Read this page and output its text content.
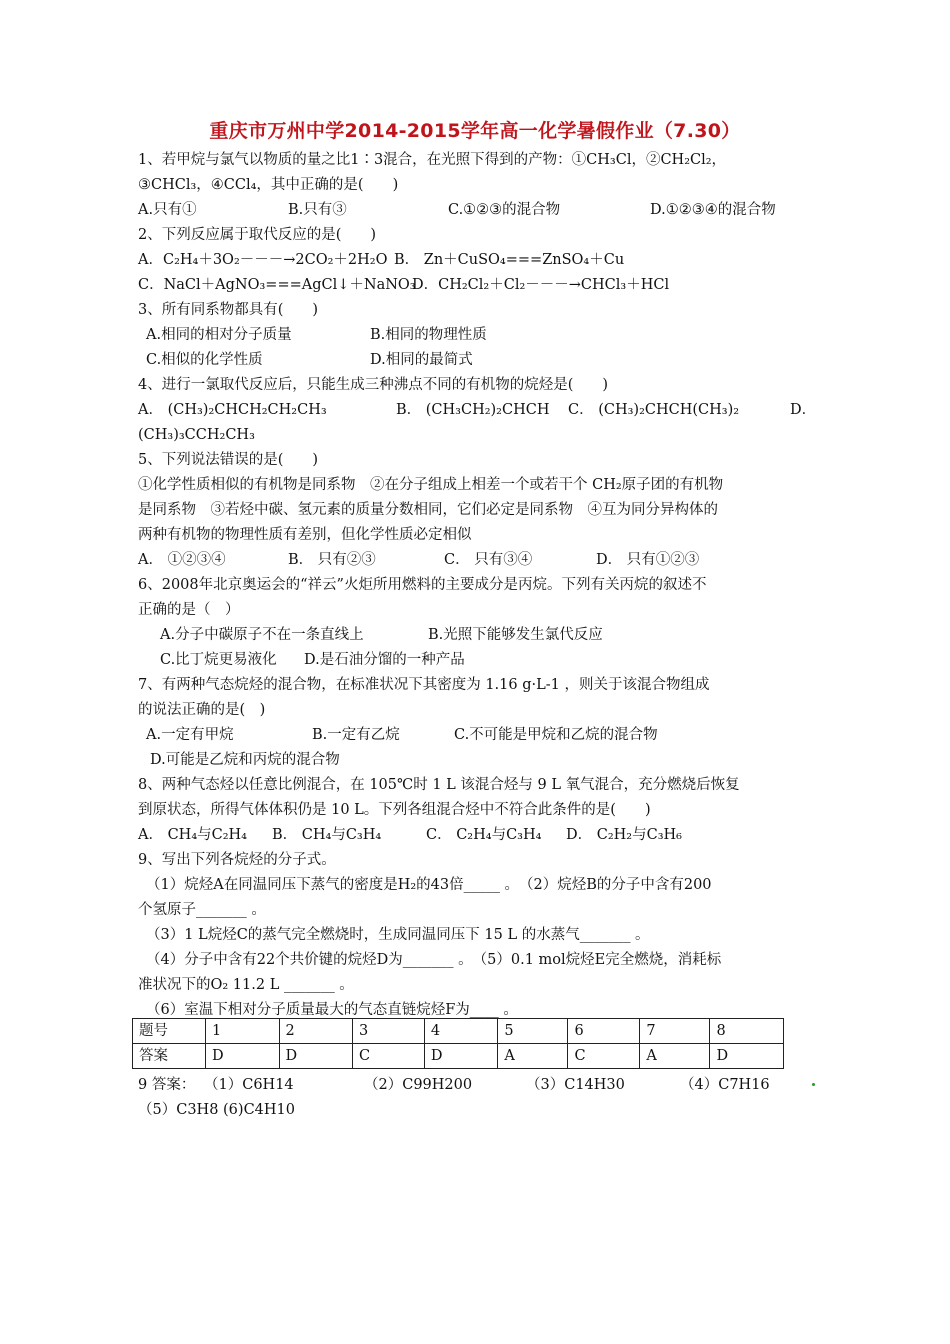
重庆市万州中学2014-2015学年高一化学暑假作业（7.30）
1、若甲烷与氯气以物质的量之比1∶3混合，在光照下得到的产物：①CH₃Cl，②CH₂Cl₂，
③CHCl₃，④CCl₄，其中正确的是(　　)
A.只有①	B.只有③	C.①②③的混合物	D.①②③④的混合物
2、下列反应属于取代反应的是(　　)
A．C₂H₄＋3O₂－－－→2CO₂＋2H₂O B． Zn＋CuSO₄===ZnSO₄＋Cu
C．NaCl＋AgNO₃===AgCl↓＋NaNO₃
D．CH₂Cl₂＋Cl₂－－－→CHCl₃＋HCl
3、所有同系物都具有(　　)
A.相同的相对分子质量	B.相同的物理性质
C.相似的化学性质	D.相同的最简式
4、进行一氯取代反应后，只能生成三种沸点不同的有机物的烷烃是(　　)
A． (CH₃)₂CHCH₂CH₂CH₃	B． (CH₃CH₂)₂CHCH C． (CH₃)₂CHCH(CH₃)₂	D．
(CH₃)₃CCH₂CH₃
5、下列说法错误的是(　　)
①化学性质相似的有机物是同系物　②在分子组成上相差一个或若干个 CH₂原子团的有机物
是同系物　③若烃中碳、氢元素的质量分数相同，它们必定是同系物　④互为同分异构体的
两种有机物的物理性质有差别，但化学性质必定相似
A． ①②③④	B． 只有②③	C． 只有③④	D． 只有①②③
6、2008年北京奥运会的“祥云”火炬所用燃料的主要成分是丙烷。下列有关丙烷的叙述不
正确的是（　）
A.分子中碳原子不在一条直线上	B.光照下能够发生氯代反应
C.比丁烷更易液化 D.是石油分馏的一种产品
7、有两种气态烷烃的混合物，在标准状况下其密度为 1.16 g·L-1 ，则关于该混合物组成
的说法正确的是(　)
A.一定有甲烷	B.一定有乙烷	C.不可能是甲烷和乙烷的混合物
D.可能是乙烷和丙烷的混合物
8、两种气态烃以任意比例混合，在 105℃时 1 L 该混合烃与 9 L 氧气混合，充分燃烧后恢复
到原状态，所得气体体积仍是 10 L。下列各组混合烃中不符合此条件的是(　　)
A． CH₄与C₂H₄ B． CH₄与C₃H₄	C． C₂H₄与C₃H₄ D． C₂H₂与C₃H₆
9、写出下列各烷烃的分子式。
（1）烷烃A在同温同压下蒸气的密度是H₂的43倍_____ 。　（2）烷烃B的分子中含有200
个氢原子_______ 。
（3）1 L烷烃C的蒸气完全燃烧时，生成同温同压下 15 L 的水蒸气_______ 。
（4）分子中含有22个共价键的烷烃D为_______ 。　（5）0.1 mol烷烃E完全燃烧，消耗标
准状况下的O₂ 11.2 L _______ 。
（6）室温下相对分子质量最大的气态直链烷烃F为____ 。
题号	1	2	3	4	5	6	7	8
答案	D	D	C	D	A	C	A	D
9 答案： （1）C6H14	（2）C99H200	（3）C14H30	（4）C7H16
（5）C3H8 (6)C4H10
